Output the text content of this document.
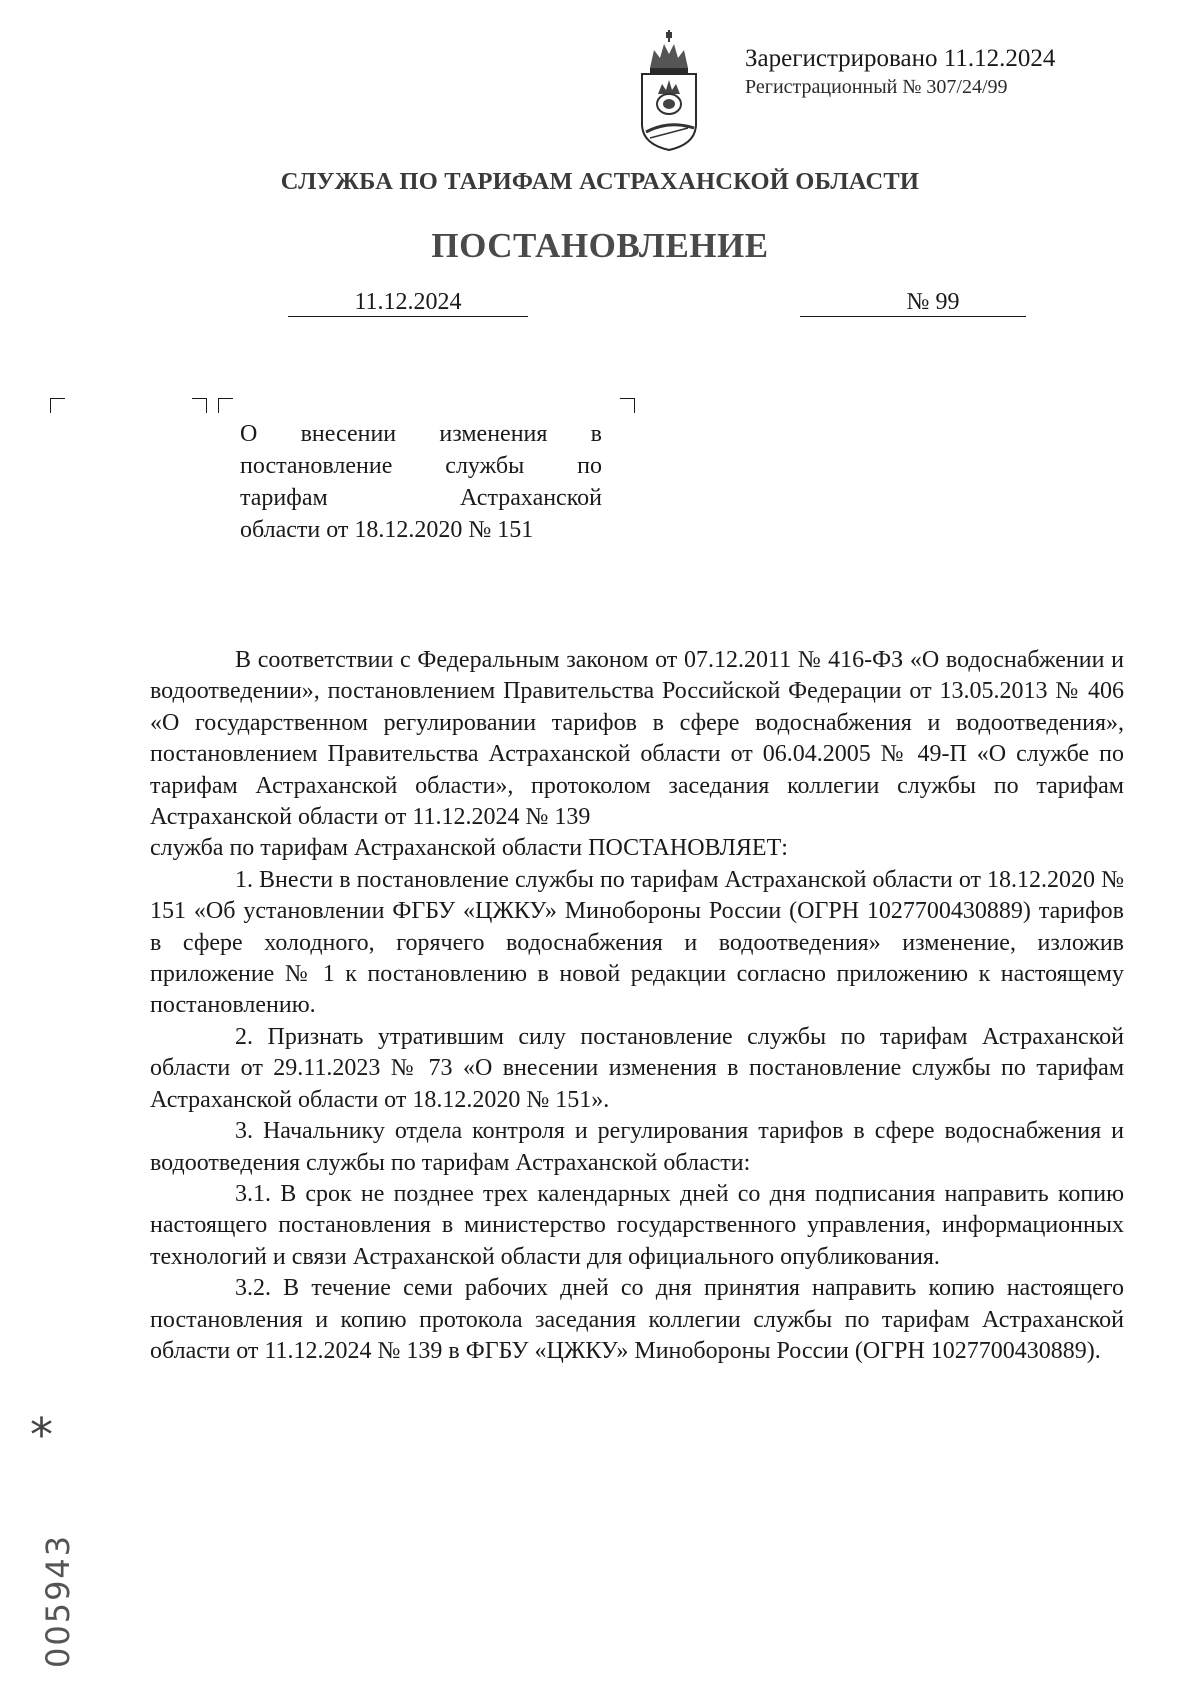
Зарегистрировано 11.12.2024
Регистрационный № 307/24/99
СЛУЖБА ПО ТАРИФАМ АСТРАХАНСКОЙ ОБЛАСТИ
ПОСТАНОВЛЕНИЕ
11.12.2024	№ 99
О внесении изменения в
постановление службы по
тарифам Астраханской
области от 18.12.2020 № 151

В соответствии с Федеральным законом от 07.12.2011 № 416-ФЗ «О водоснабжении и водоотведении», постановлением Правительства Российской Федерации от 13.05.2013 № 406 «О государственном регулировании тарифов в сфере водоснабжения и водоотведения», постановлением Правительства Астраханской области от 06.04.2005 № 49-П «О службе по тарифам Астраханской области», протоколом заседания коллегии службы по тарифам Астраханской области от 11.12.2024 № 139

служба по тарифам Астраханской области ПОСТАНОВЛЯЕТ:

1. Внести в постановление службы по тарифам Астраханской области от 18.12.2020 № 151 «Об установлении ФГБУ «ЦЖКУ» Минобороны России (ОГРН 1027700430889) тарифов в сфере холодного, горячего водоснабжения и водоотведения» изменение, изложив приложение № 1 к постановлению в новой редакции согласно приложению к настоящему постановлению.

2. Признать утратившим силу постановление службы по тарифам Астраханской области от 29.11.2023 № 73 «О внесении изменения в постановление службы по тарифам Астраханской области от 18.12.2020 № 151».

3. Начальнику отдела контроля и регулирования тарифов в сфере водоснабжения и водоотведения службы по тарифам Астраханской области:

3.1. В срок не позднее трех календарных дней со дня подписания направить копию настоящего постановления в министерство государственного управления, информационных технологий и связи Астраханской области для официального опубликования.

3.2. В течение семи рабочих дней со дня принятия направить копию настоящего постановления и копию протокола заседания коллегии службы по тарифам Астраханской области от 11.12.2024 № 139 в ФГБУ «ЦЖКУ» Минобороны России (ОГРН 1027700430889).

*
005943
